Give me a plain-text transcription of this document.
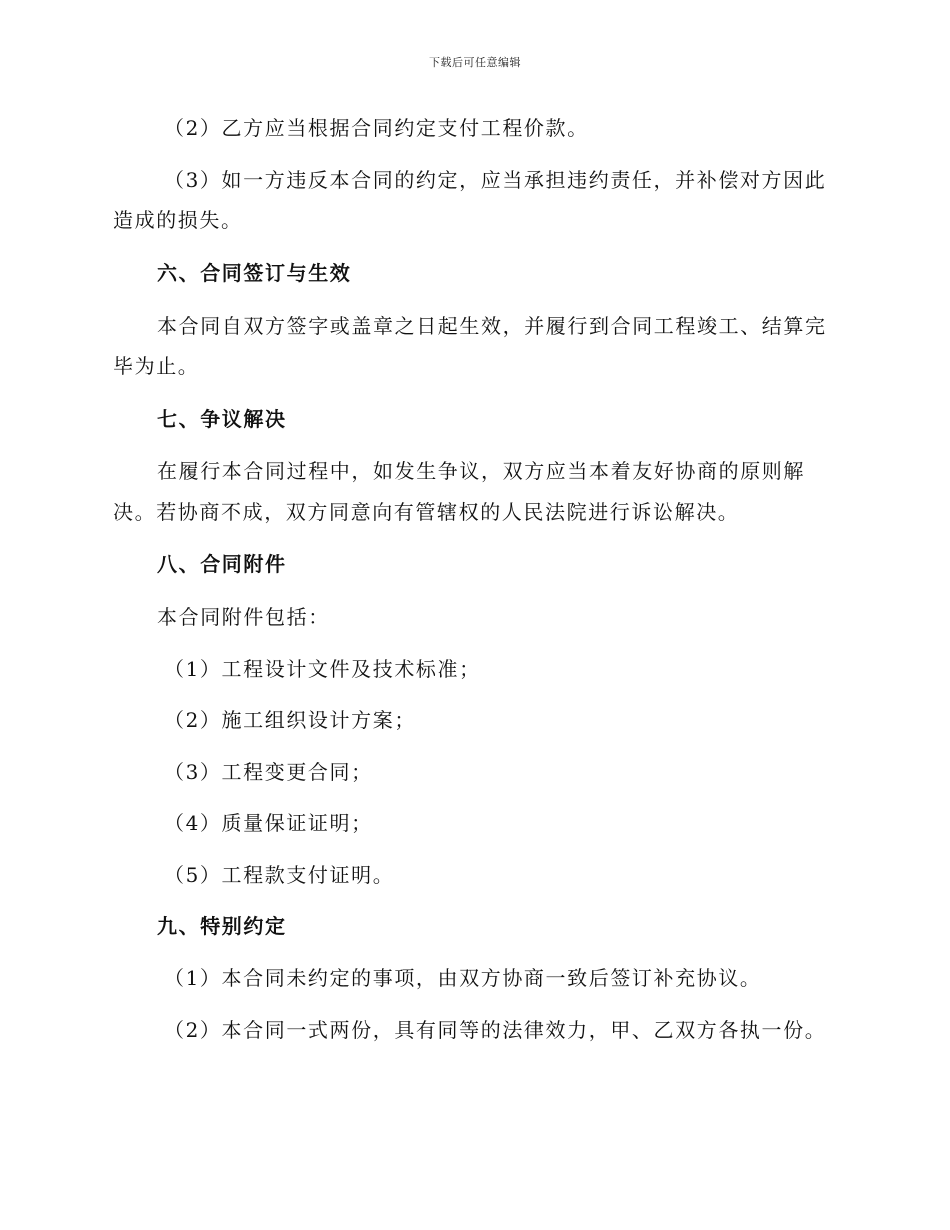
下载后可任意编辑
（2）乙方应当根据合同约定支付工程价款。
（3）如一方违反本合同的约定，应当承担违约责任，并补偿对方因此
造成的损失。
六、合同签订与生效
本合同自双方签字或盖章之日起生效，并履行到合同工程竣工、结算完
毕为止。
七、争议解决
在履行本合同过程中，如发生争议，双方应当本着友好协商的原则解
决。若协商不成，双方同意向有管辖权的人民法院进行诉讼解决。
八、合同附件
本合同附件包括：
（1）工程设计文件及技术标准；
（2）施工组织设计方案；
（3）工程变更合同；
（4）质量保证证明；
（5）工程款支付证明。
九、特别约定
（1）本合同未约定的事项，由双方协商一致后签订补充协议。
（2）本合同一式两份，具有同等的法律效力，甲、乙双方各执一份。
